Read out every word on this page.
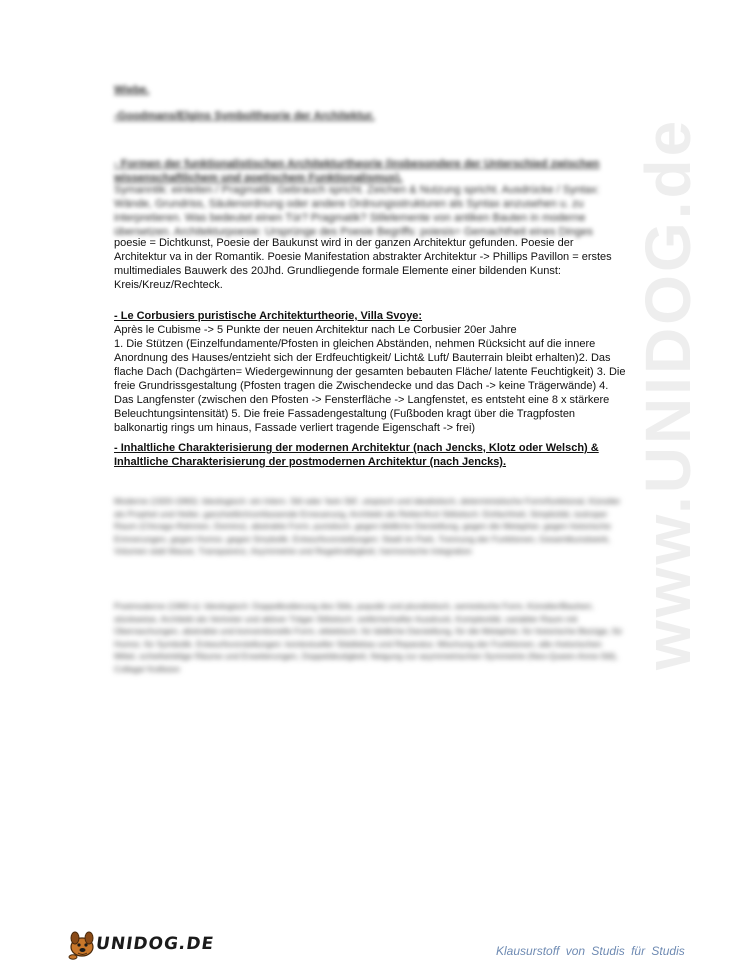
www.UNIDOG.de
Wiebe.
-Goodmans/Elgins Symboltheorie der Architektur.
- Formen der funktionalistischen Architekturtheorie (insbesondere der Unterschied zwischen wissenschaftlichem und poetischem Funktionalismus).
Symanntik: einleiten / Pragmatik: Gebrauch spricht. Zeichen & Nutzung spricht. Ausdrücke / Syntax: Wände, Grundriss, Säulenordnung oder andere Ordnungsstrukturen als Syntax anzusehen u. zu interpretieren. Was bedeutet einen Tür? Pragmatik? Stilelemente von antiken Bauten in moderne übersetzen. Architekturpoesie: Ursprünge des Poesie Begriffs: poiesis= Gemachtheit eines Dinges
poesie = Dichtkunst, Poesie der Baukunst wird in der ganzen Architektur gefunden. Poesie der Architektur va in der Romantik. Poesie Manifestation abstrakter Architektur -> Phillips Pavillon = erstes multimediales Bauwerk des 20Jhd. Grundliegende formale Elemente einer bildenden Kunst: Kreis/Kreuz/Rechteck.
- Le Corbusiers puristische Architekturtheorie, Villa Svoye:
Après le Cubisme -> 5 Punkte der neuen Architektur nach Le Corbusier 20er Jahre
1. Die Stützen (Einzelfundamente/Pfosten in gleichen Abständen, nehmen Rücksicht auf die innere Anordnung des Hauses/entzieht sich der Erdfeuchtigkeit/ Licht& Luft/ Bauterrain bleibt erhalten)2. Das flache Dach (Dachgärten= Wiedergewinnung der gesamten bebauten Fläche/ latente Feuchtigkeit) 3. Die freie Grundrissgestaltung (Pfosten tragen die Zwischendecke und das Dach -> keine Trägerwände) 4. Das Langfenster (zwischen den Pfosten -> Fensterfläche -> Langfenstet, es entsteht eine 8 x stärkere Beleuchtungsintensität) 5. Die freie Fassadengestaltung (Fußboden kragt über die Tragpfosten balkonartig rings um hinaus, Fassade verliert tragende Eigenschaft -> frei)
- Inhaltliche Charakterisierung der modernen Architektur (nach Jencks, Klotz oder Welsch) & Inhaltliche Charakterisierung der postmodernen Architektur (nach Jencks).
Moderne (1920-1960): Ideologisch: ein Inlern. Stil oder 'kein Stil', utopisch und idealistisch, deterministische Form/funktional, Künstler als Prophet und Heiler, ganzheitlich/umfassende Erneuerung, Architekt als Retter/Arzt Stilistisch: Einfachheit, Simplizität, isotroper Raum (Chicago-Rahmen, Domino), abstrakte Form, puristisch, gegen bildliche Darstellung, gegen die Metapher, gegen historische Erinnerungen, gegen Humor, gegen Smybolik. Entwurfsvorstellungen: Stadt im Park, Trennung der Funktionen, Gesamtkunstwerk, Volumen statt Masse, Transparenz, Asymmetrie und Regelmäßigkeit, harmonische Integration
Postmoderne (1960-x): Ideologisch: Doppelkodierung des Stils, populär und pluralistisch, semiotische Form, Künstler/Bauherr, stückweise, Architekt als Vertreter und aktiver Träger Stilistisch: zeitlicherhafter Ausdruck, Komplexität, variabler Raum mit Überraschungen, abstrakte und konventionelle Form, eklektisch, für bildliche Darstellung, für die Metapher, für historische Bezüge, für Humor, für Symbolik. Entwurfsvorstellungen: kontextueller Städtebau und Reparatur, Mischung der Funktionen, alle rhetorischen Mittel, schiefwinklige Räume und Erweiterungen, Doppeldeutigkeit, Neigung zur asymmetrischen Symmetrie (Neo-Queen-Anne-Stil), Collage/ Kollision
UNIDOG.DE	Klausurstoff von Studis für Studis
